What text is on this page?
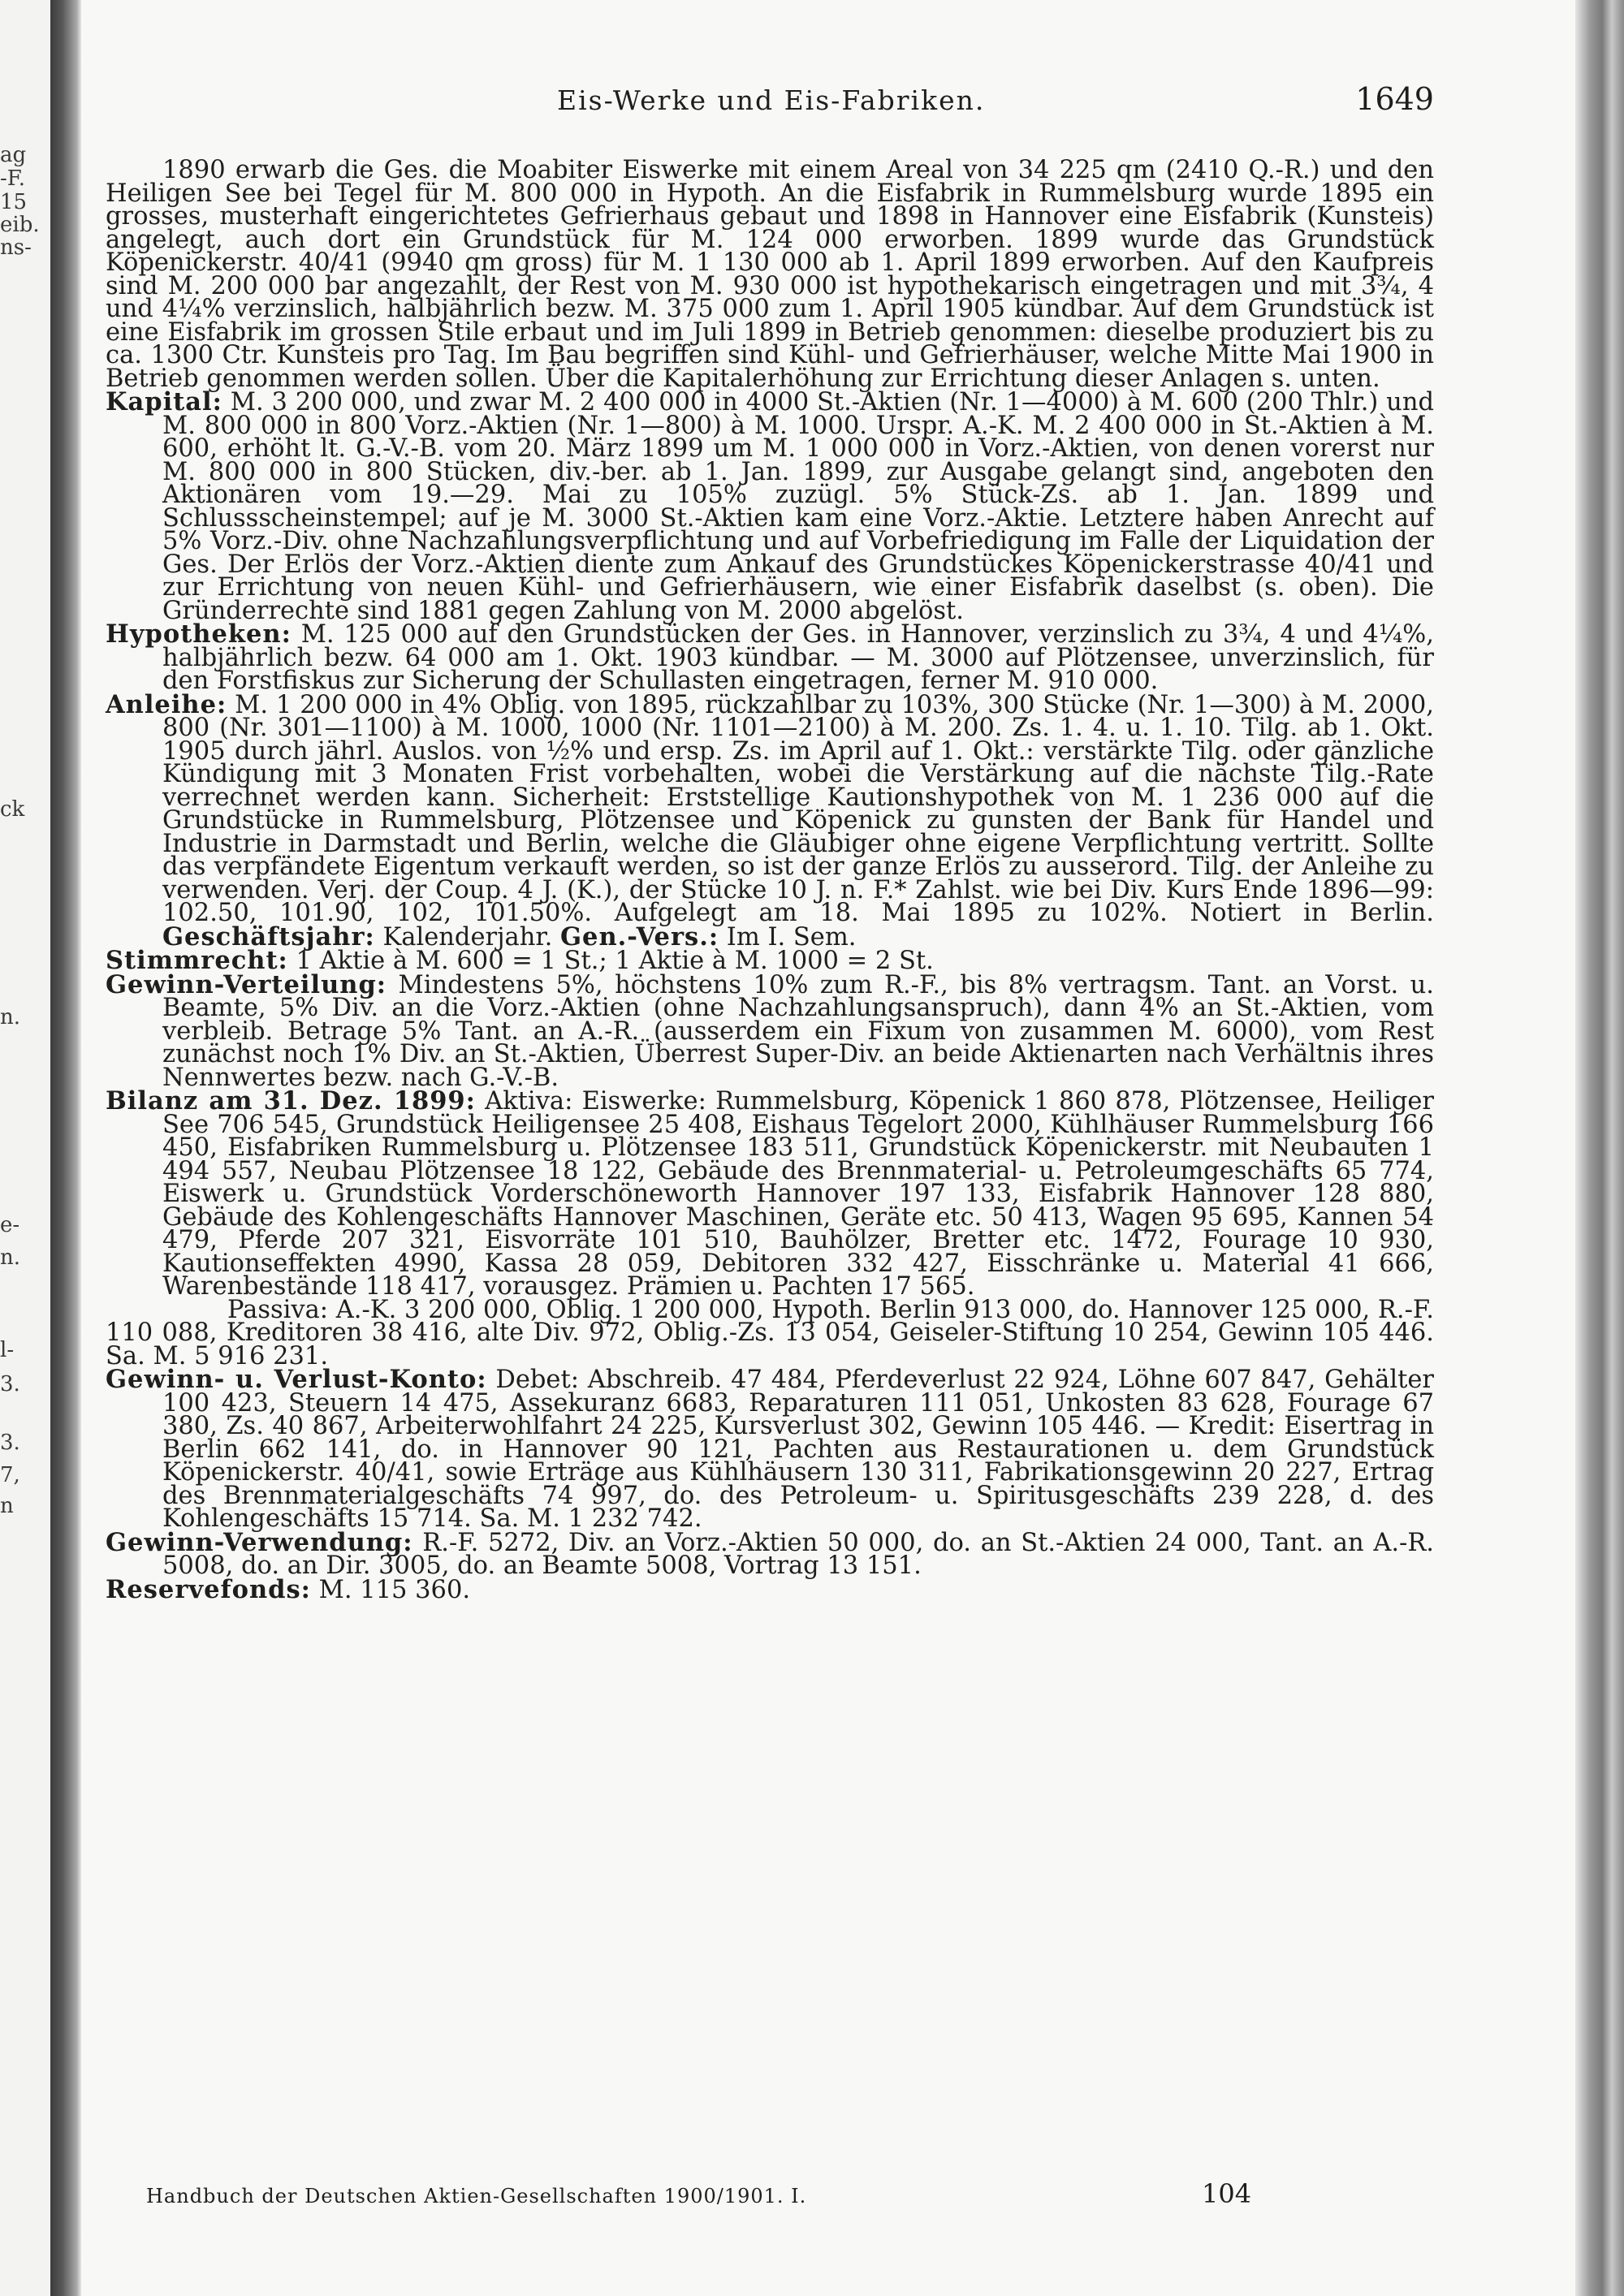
ag
-F.
15
eib.
ns-
ck
n.
e-
n.
l-
3.
3.
7,
n
Eis-Werke und Eis-Fabriken.	1649

1890 erwarb die Ges. die Moabiter Eiswerke mit einem Areal von 34 225 qm (2410 Q.-R.) und den Heiligen See bei Tegel für M. 800 000 in Hypoth. An die Eisfabrik in Rummelsburg wurde 1895 ein grosses, musterhaft eingerichtetes Gefrierhaus gebaut und 1898 in Hannover eine Eisfabrik (Kunsteis) angelegt, auch dort ein Grundstück für M. 124 000 erworben. 1899 wurde das Grundstück Köpenickerstr. 40/41 (9940 qm gross) für M. 1 130 000 ab 1. April 1899 erworben. Auf den Kaufpreis sind M. 200 000 bar angezahlt, der Rest von M. 930 000 ist hypothekarisch eingetragen und mit 3¾, 4 und 4¼% verzinslich, halbjährlich bezw. M. 375 000 zum 1. April 1905 kündbar. Auf dem Grundstück ist eine Eisfabrik im grossen Stile erbaut und im Juli 1899 in Betrieb genommen: dieselbe produziert bis zu ca. 1300 Ctr. Kunsteis pro Tag. Im Bau begriffen sind Kühl- und Gefrierhäuser, welche Mitte Mai 1900 in Betrieb genommen werden sollen. Über die Kapitalerhöhung zur Errichtung dieser Anlagen s. unten.

Kapital: M. 3 200 000, und zwar M. 2 400 000 in 4000 St.-Aktien (Nr. 1—4000) à M. 600 (200 Thlr.) und M. 800 000 in 800 Vorz.-Aktien (Nr. 1—800) à M. 1000. Urspr. A.-K. M. 2 400 000 in St.-Aktien à M. 600, erhöht lt. G.-V.-B. vom 20. März 1899 um M. 1 000 000 in Vorz.-Aktien, von denen vorerst nur M. 800 000 in 800 Stücken, div.-ber. ab 1. Jan. 1899, zur Ausgabe gelangt sind, angeboten den Aktionären vom 19.—29. Mai zu 105% zuzügl. 5% Stück-Zs. ab 1. Jan. 1899 und Schlussscheinstempel; auf je M. 3000 St.-Aktien kam eine Vorz.-Aktie. Letztere haben Anrecht auf 5% Vorz.-Div. ohne Nachzahlungsverpflichtung und auf Vorbefriedigung im Falle der Liquidation der Ges. Der Erlös der Vorz.-Aktien diente zum Ankauf des Grundstückes Köpenickerstrasse 40/41 und zur Errichtung von neuen Kühl- und Gefrierhäusern, wie einer Eisfabrik daselbst (s. oben). Die Gründerrechte sind 1881 gegen Zahlung von M. 2000 abgelöst.

Hypotheken: M. 125 000 auf den Grundstücken der Ges. in Hannover, verzinslich zu 3¾, 4 und 4¼%, halbjährlich bezw. 64 000 am 1. Okt. 1903 kündbar. — M. 3000 auf Plötzensee, unverzinslich, für den Forstfiskus zur Sicherung der Schullasten eingetragen, ferner M. 910 000.

Anleihe: M. 1 200 000 in 4% Oblig. von 1895, rückzahlbar zu 103%, 300 Stücke (Nr. 1—300) à M. 2000, 800 (Nr. 301—1100) à M. 1000, 1000 (Nr. 1101—2100) à M. 200. Zs. 1. 4. u. 1. 10. Tilg. ab 1. Okt. 1905 durch jährl. Auslos. von ½% und ersp. Zs. im April auf 1. Okt.: verstärkte Tilg. oder gänzliche Kündigung mit 3 Monaten Frist vorbehalten, wobei die Verstärkung auf die nächste Tilg.-Rate verrechnet werden kann. Sicherheit: Erststellige Kautionshypothek von M. 1 236 000 auf die Grundstücke in Rummelsburg, Plötzensee und Köpenick zu gunsten der Bank für Handel und Industrie in Darmstadt und Berlin, welche die Gläubiger ohne eigene Verpflichtung vertritt. Sollte das verpfändete Eigentum verkauft werden, so ist der ganze Erlös zu ausserord. Tilg. der Anleihe zu verwenden. Verj. der Coup. 4 J. (K.), der Stücke 10 J. n. F.* Zahlst. wie bei Div. Kurs Ende 1896—99: 102.50, 101.90, 102, 101.50%. Aufgelegt am 18. Mai 1895 zu 102%. Notiert in Berlin. Geschäftsjahr: Kalenderjahr. Gen.-Vers.: Im I. Sem.

Stimmrecht: 1 Aktie à M. 600 = 1 St.; 1 Aktie à M. 1000 = 2 St.

Gewinn-Verteilung: Mindestens 5%, höchstens 10% zum R.-F., bis 8% vertragsm. Tant. an Vorst. u. Beamte, 5% Div. an die Vorz.-Aktien (ohne Nachzahlungsanspruch), dann 4% an St.-Aktien, vom verbleib. Betrage 5% Tant. an A.-R. (ausserdem ein Fixum von zusammen M. 6000), vom Rest zunächst noch 1% Div. an St.-Aktien, Überrest Super-Div. an beide Aktienarten nach Verhältnis ihres Nennwertes bezw. nach G.-V.-B.

Bilanz am 31. Dez. 1899: Aktiva: Eiswerke: Rummelsburg, Köpenick 1 860 878, Plötzensee, Heiliger See 706 545, Grundstück Heiligensee 25 408, Eishaus Tegelort 2000, Kühlhäuser Rummelsburg 166 450, Eisfabriken Rummelsburg u. Plötzensee 183 511, Grundstück Köpenickerstr. mit Neubauten 1 494 557, Neubau Plötzensee 18 122, Gebäude des Brennmaterial- u. Petroleumgeschäfts 65 774, Eiswerk u. Grundstück Vorderschöneworth Hannover 197 133, Eisfabrik Hannover 128 880, Gebäude des Kohlengeschäfts Hannover Maschinen, Geräte etc. 50 413, Wagen 95 695, Kannen 54 479, Pferde 207 321, Eisvorräte 101 510, Bauhölzer, Bretter etc. 1472, Fourage 10 930, Kautionseffekten 4990, Kassa 28 059, Debitoren 332 427, Eisschränke u. Material 41 666, Warenbestände 118 417, vorausgez. Prämien u. Pachten 17 565.

Passiva: A.-K. 3 200 000, Oblig. 1 200 000, Hypoth. Berlin 913 000, do. Hannover 125 000, R.-F. 110 088, Kreditoren 38 416, alte Div. 972, Oblig.-Zs. 13 054, Geiseler-Stiftung 10 254, Gewinn 105 446. Sa. M. 5 916 231.

Gewinn- u. Verlust-Konto: Debet: Abschreib. 47 484, Pferdeverlust 22 924, Löhne 607 847, Gehälter 100 423, Steuern 14 475, Assekuranz 6683, Reparaturen 111 051, Unkosten 83 628, Fourage 67 380, Zs. 40 867, Arbeiterwohlfahrt 24 225, Kursverlust 302, Gewinn 105 446. — Kredit: Eisertrag in Berlin 662 141, do. in Hannover 90 121, Pachten aus Restaurationen u. dem Grundstück Köpenickerstr. 40/41, sowie Erträge aus Kühlhäusern 130 311, Fabrikationsgewinn 20 227, Ertrag des Brennmaterialgeschäfts 74 997, do. des Petroleum- u. Spiritusgeschäfts 239 228, d. des Kohlengeschäfts 15 714. Sa. M. 1 232 742.

Gewinn-Verwendung: R.-F. 5272, Div. an Vorz.-Aktien 50 000, do. an St.-Aktien 24 000, Tant. an A.-R. 5008, do. an Dir. 3005, do. an Beamte 5008, Vortrag 13 151.

Reservefonds: M. 115 360.

Handbuch der Deutschen Aktien-Gesellschaften 1900/1901. I.	104
